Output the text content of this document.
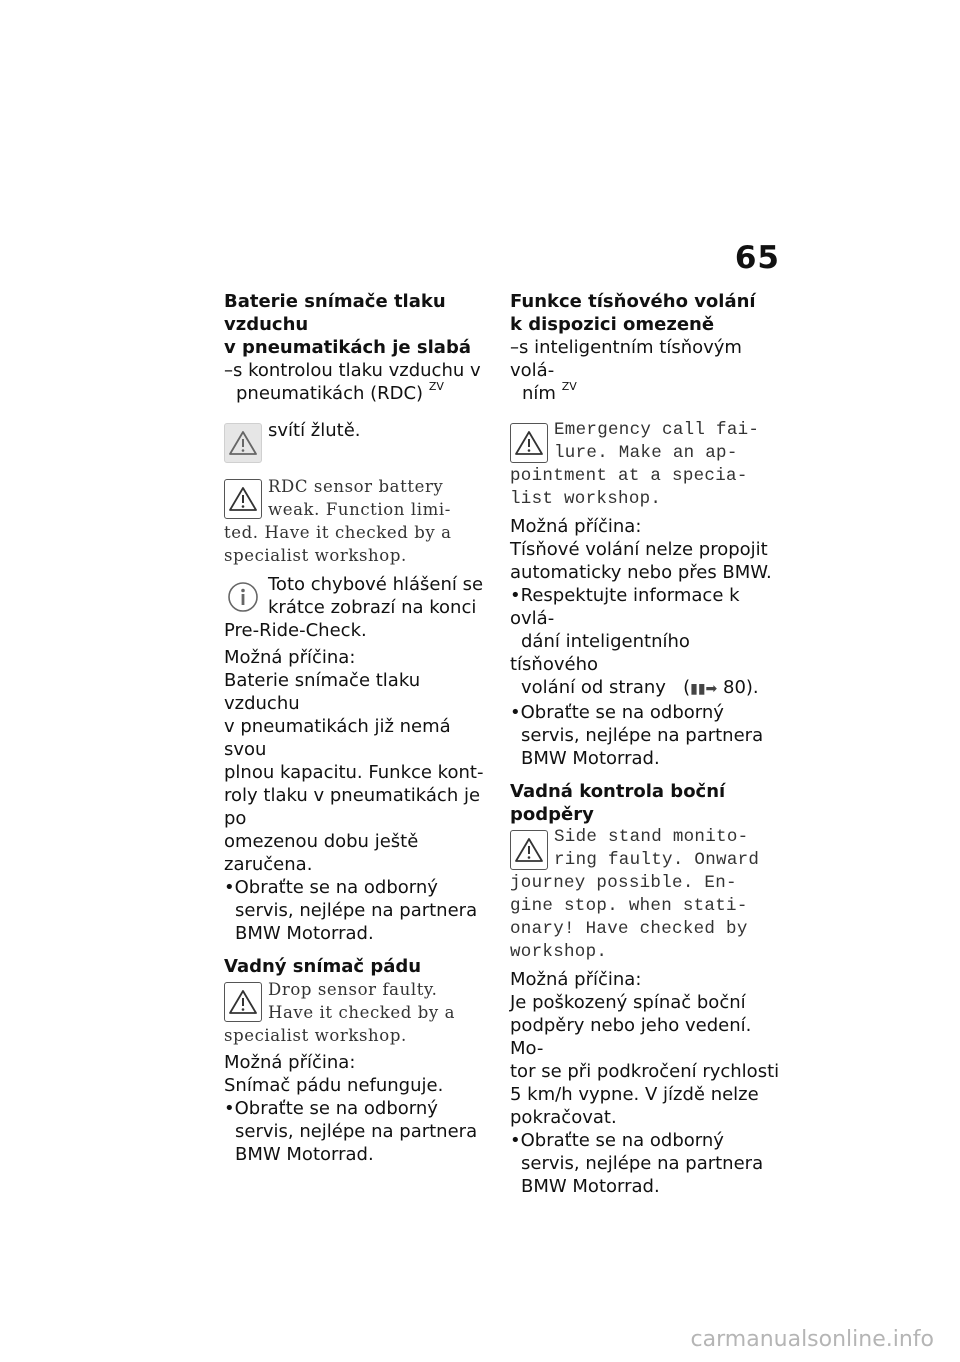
65
Baterie snímače tlaku vzduchu
v pneumatikách je slabá

–s kontrolou tlaku vzduchu v
pneumatikách (RDC) $^{ZV}$

svítí žlutě.
RDC sensor battery
weak. Function limi-
ted. Have it checked by a
specialist workshop.
Toto chybové hlášení se
krátce zobrazí na konci
Pre-Ride-Check.

Možná příčina:

Baterie snímače tlaku vzduchu
v pneumatikách již nemá svou
plnou kapacitu. Funkce kont-
roly tlaku v pneumatikách je po
omezenou dobu ještě zaručena.

•Obraťte se na odborný
servis, nejlépe na partnera
BMW Motorrad.

Vadný snímač pádu
Drop sensor faulty.
Have it checked by a
specialist workshop.

Možná příčina:

Snímač pádu nefunguje.

•Obraťte se na odborný
servis, nejlépe na partnera
BMW Motorrad.

Funkce tísňového volání
k dispozici omezeně

–s inteligentním tísňovým volá-
ním $^{ZV}$

Emergency call fai-
lure. Make an ap-
pointment at a specia-
list workshop.

Možná příčina:

Tísňové volání nelze propojit
automaticky nebo přes BMW.

•Respektujte informace k ovlá-
dání inteligentního tísňového
volání od strany   (▮▮➡ 80).

•Obraťte se na odborný
servis, nejlépe na partnera
BMW Motorrad.

Vadná kontrola boční podpěry
Side stand monito-
ring faulty. Onward
journey possible. En-
gine stop. when stati-
onary! Have checked by
workshop.

Možná příčina:

Je poškozený spínač boční
podpěry nebo jeho vedení. Mo-
tor se při podkročení rychlosti
5 km/h vypne. V jízdě nelze
pokračovat.

•Obraťte se na odborný
servis, nejlépe na partnera
BMW Motorrad.

carmanualsonline.info
